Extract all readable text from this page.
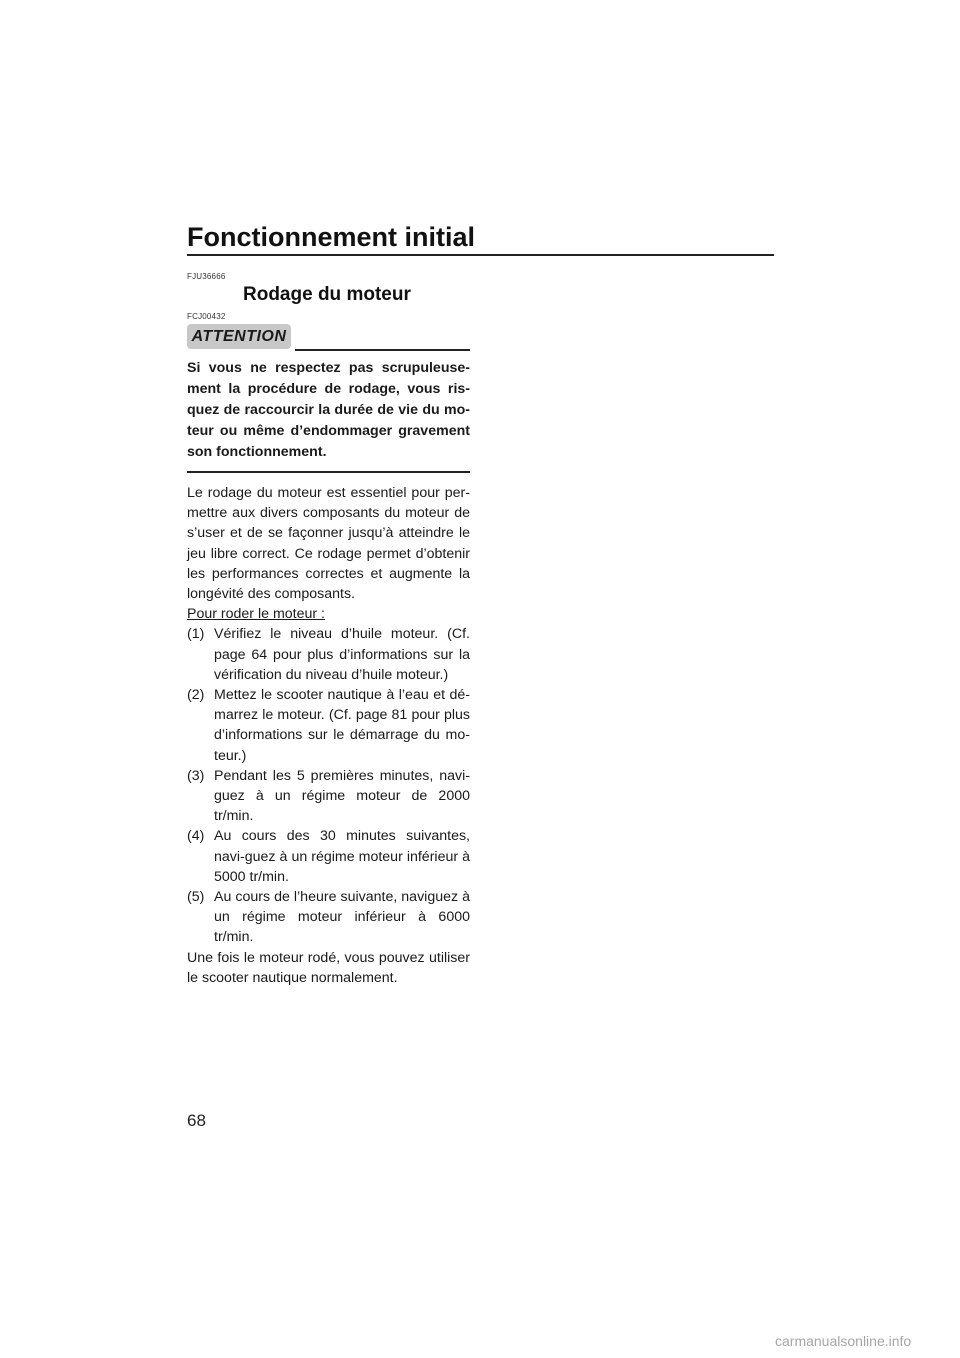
Fonctionnement initial
FJU36666
Rodage du moteur
FCJ00432
ATTENTION
Si vous ne respectez pas scrupuleuse-ment la procédure de rodage, vous ris-quez de raccourcir la durée de vie du mo-teur ou même d’endommager gravement son fonctionnement.

Le rodage du moteur est essentiel pour per-mettre aux divers composants du moteur de s’user et de se façonner jusqu’à atteindre le jeu libre correct. Ce rodage permet d’obtenir les performances correctes et augmente la longévité des composants.

Pour roder le moteur :
(1) Vérifiez le niveau d’huile moteur. (Cf. page 64 pour plus d’informations sur la vérification du niveau d’huile moteur.)
(2) Mettez le scooter nautique à l’eau et dé-marrez le moteur. (Cf. page 81 pour plus d’informations sur le démarrage du mo-teur.)
(3) Pendant les 5 premières minutes, navi-guez à un régime moteur de 2000 tr/min.
(4) Au cours des 30 minutes suivantes, navi-guez à un régime moteur inférieur à 5000 tr/min.
(5) Au cours de l’heure suivante, naviguez à un régime moteur inférieur à 6000 tr/min.

Une fois le moteur rodé, vous pouvez utiliser le scooter nautique normalement.

68
carmanualsonline.info
